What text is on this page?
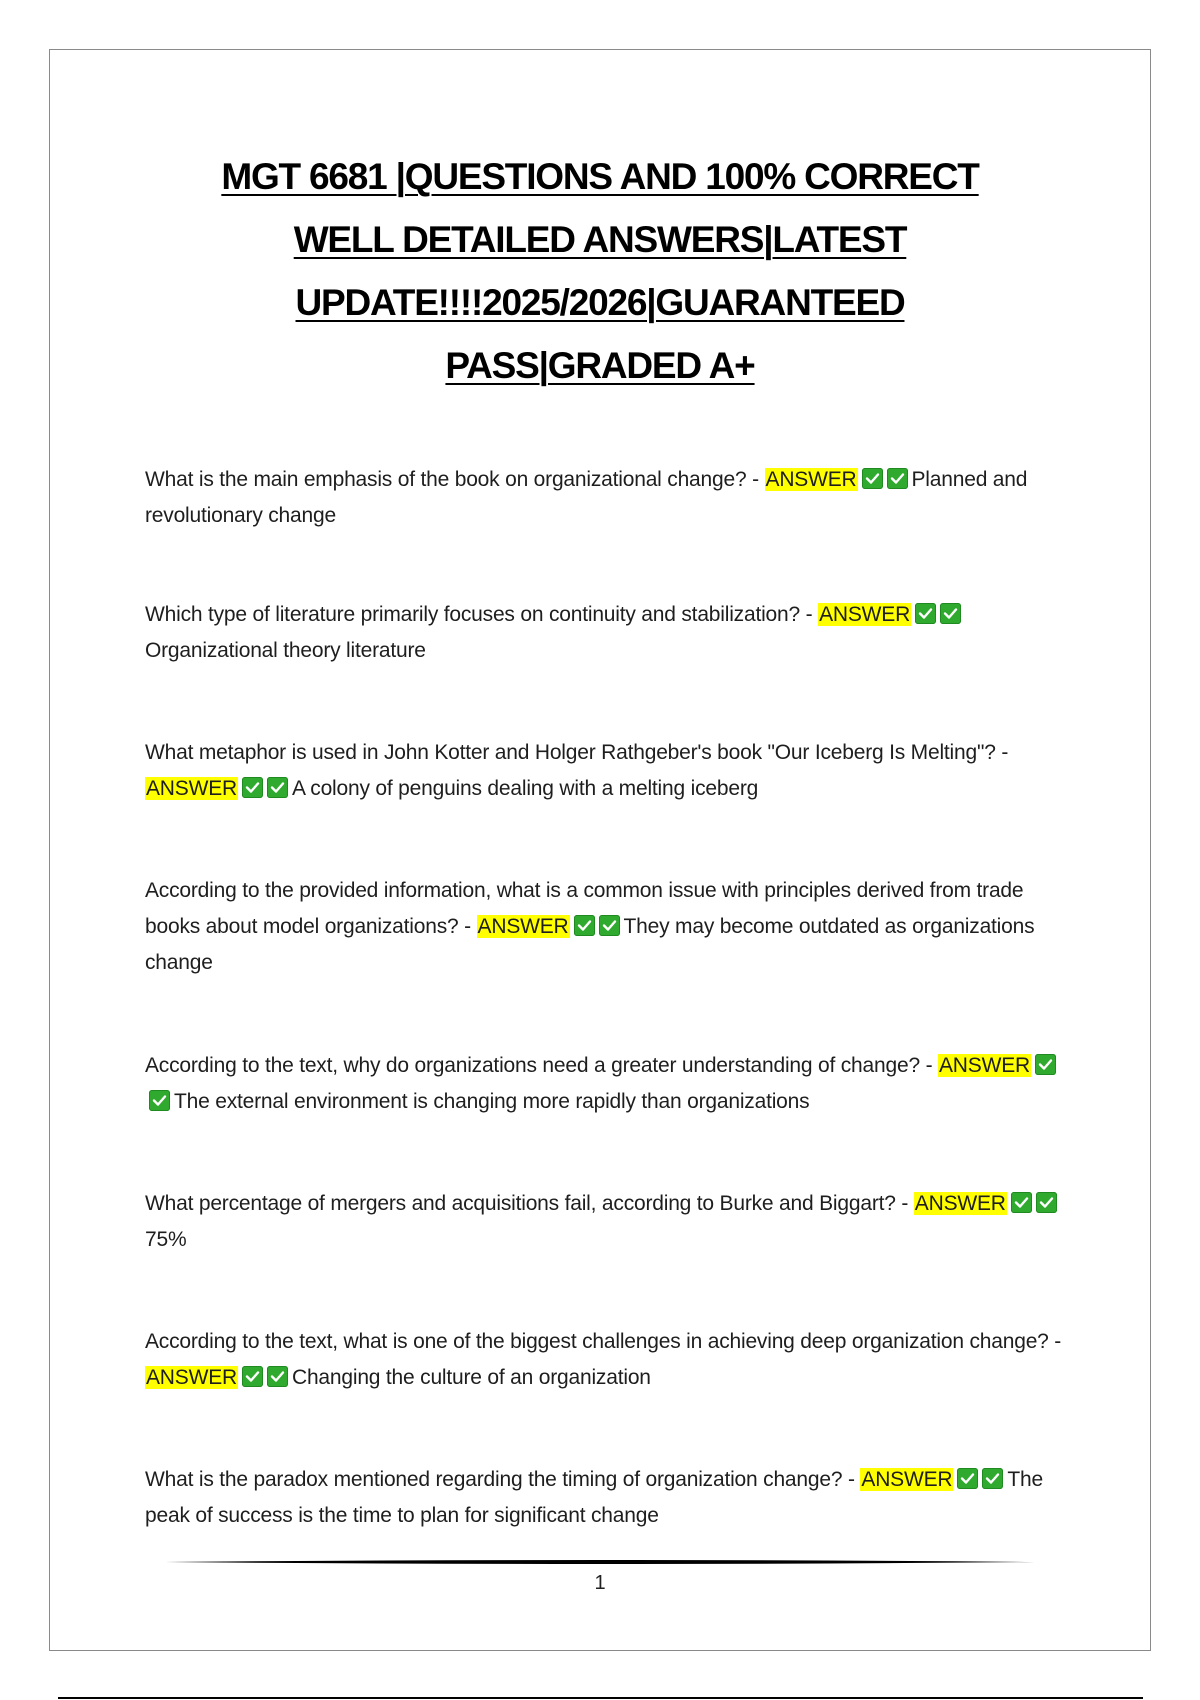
MGT 6681 |QUESTIONS AND 100% CORRECT
WELL DETAILED ANSWERS|LATEST
UPDATE!!!!2025/2026|GUARANTEED
PASS|GRADED A+

What is the main emphasis of the book on organizational change? - ANSWER	Planned and revolutionary change

Which type of literature primarily focuses on continuity and stabilization? - ANSWER
Organizational theory literature

What metaphor is used in John Kotter and Holger Rathgeber's book "Our Iceberg Is Melting"? - ANSWER	A colony of penguins dealing with a melting iceberg

According to the provided information, what is a common issue with principles derived from trade books about model organizations? - ANSWER	They may become outdated as organizations change

According to the text, why do organizations need a greater understanding of change? - ANSWER
The external environment is changing more rapidly than organizations

What percentage of mergers and acquisitions fail, according to Burke and Biggart? - ANSWER
75%

According to the text, what is one of the biggest challenges in achieving deep organization change? - ANSWER	Changing the culture of an organization

What is the paradox mentioned regarding the timing of organization change? - ANSWER	The peak of success is the time to plan for significant change

1
